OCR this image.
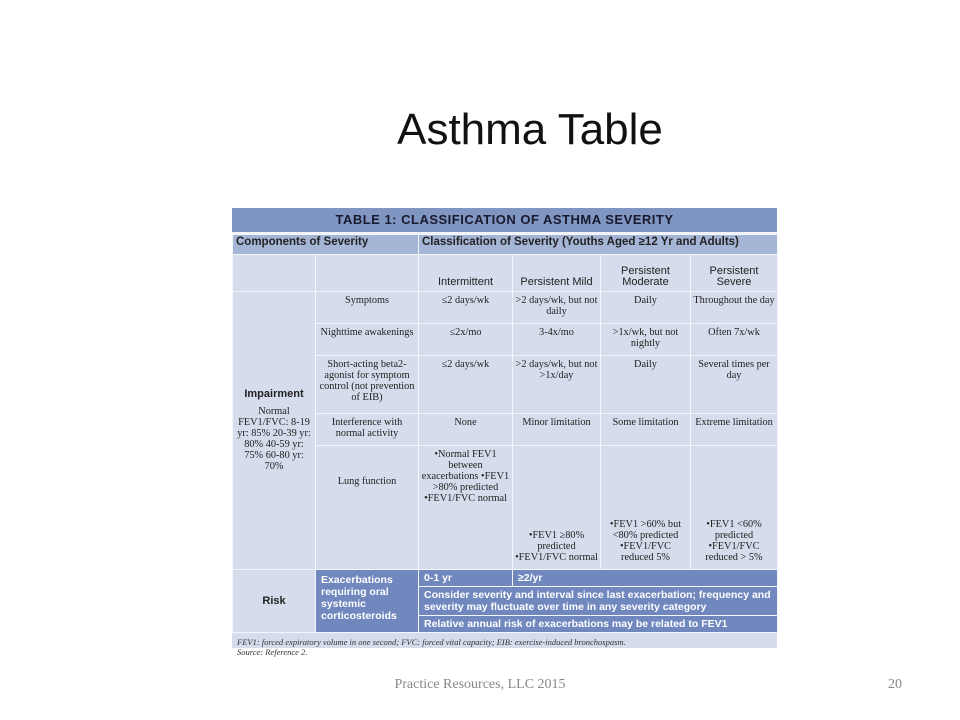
Asthma Table
TABLE 1: CLASSIFICATION OF ASTHMA SEVERITY
Components of Severity		Classification of Severity (Youths Aged ≥12 Yr and Adults)			
		Intermittent	Persistent Mild	Persistent Moderate	Persistent Severe

Impairment
Normal FEV1/FVC: 8-19 yr: 85% 20-39 yr: 80% 40-59 yr: 75% 60-80 yr: 70%	Symptoms	≤2 days/wk	>2 days/wk, but not daily	Daily	Throughout the day
	Nighttime awakenings	≤2x/mo	3-4x/mo	>1x/wk, but not nightly	Often 7x/wk
	Short-acting beta2-agonist for symptom control (not prevention of EIB)	≤2 days/wk	>2 days/wk, but not >1x/day	Daily	Several times per day
	Interference with normal activity	None	Minor limitation	Some limitation	Extreme limitation
	Lung function	•Normal FEV1 between exacerbations •FEV1 >80% predicted •FEV1/FVC normal	•FEV1 ≥80% predicted •FEV1/FVC normal	•FEV1 >60% but <80% predicted •FEV1/FVC reduced 5%	•FEV1 <60% predicted •FEV1/FVC reduced > 5%
Risk	Exacerbations requiring oral systemic corticosteroids	0-1 yr	≥2/yr		
		Consider severity and interval since last exacerbation; frequency and severity may fluctuate over time in any severity category			
		Relative annual risk of exacerbations may be related to FEV1			
FEV1: forced expiratory volume in one second; FVC: forced vital capacity; EIB: exercise-induced bronchospasm.
Source: Reference 2.
Practice Resources, LLC 2015	20
